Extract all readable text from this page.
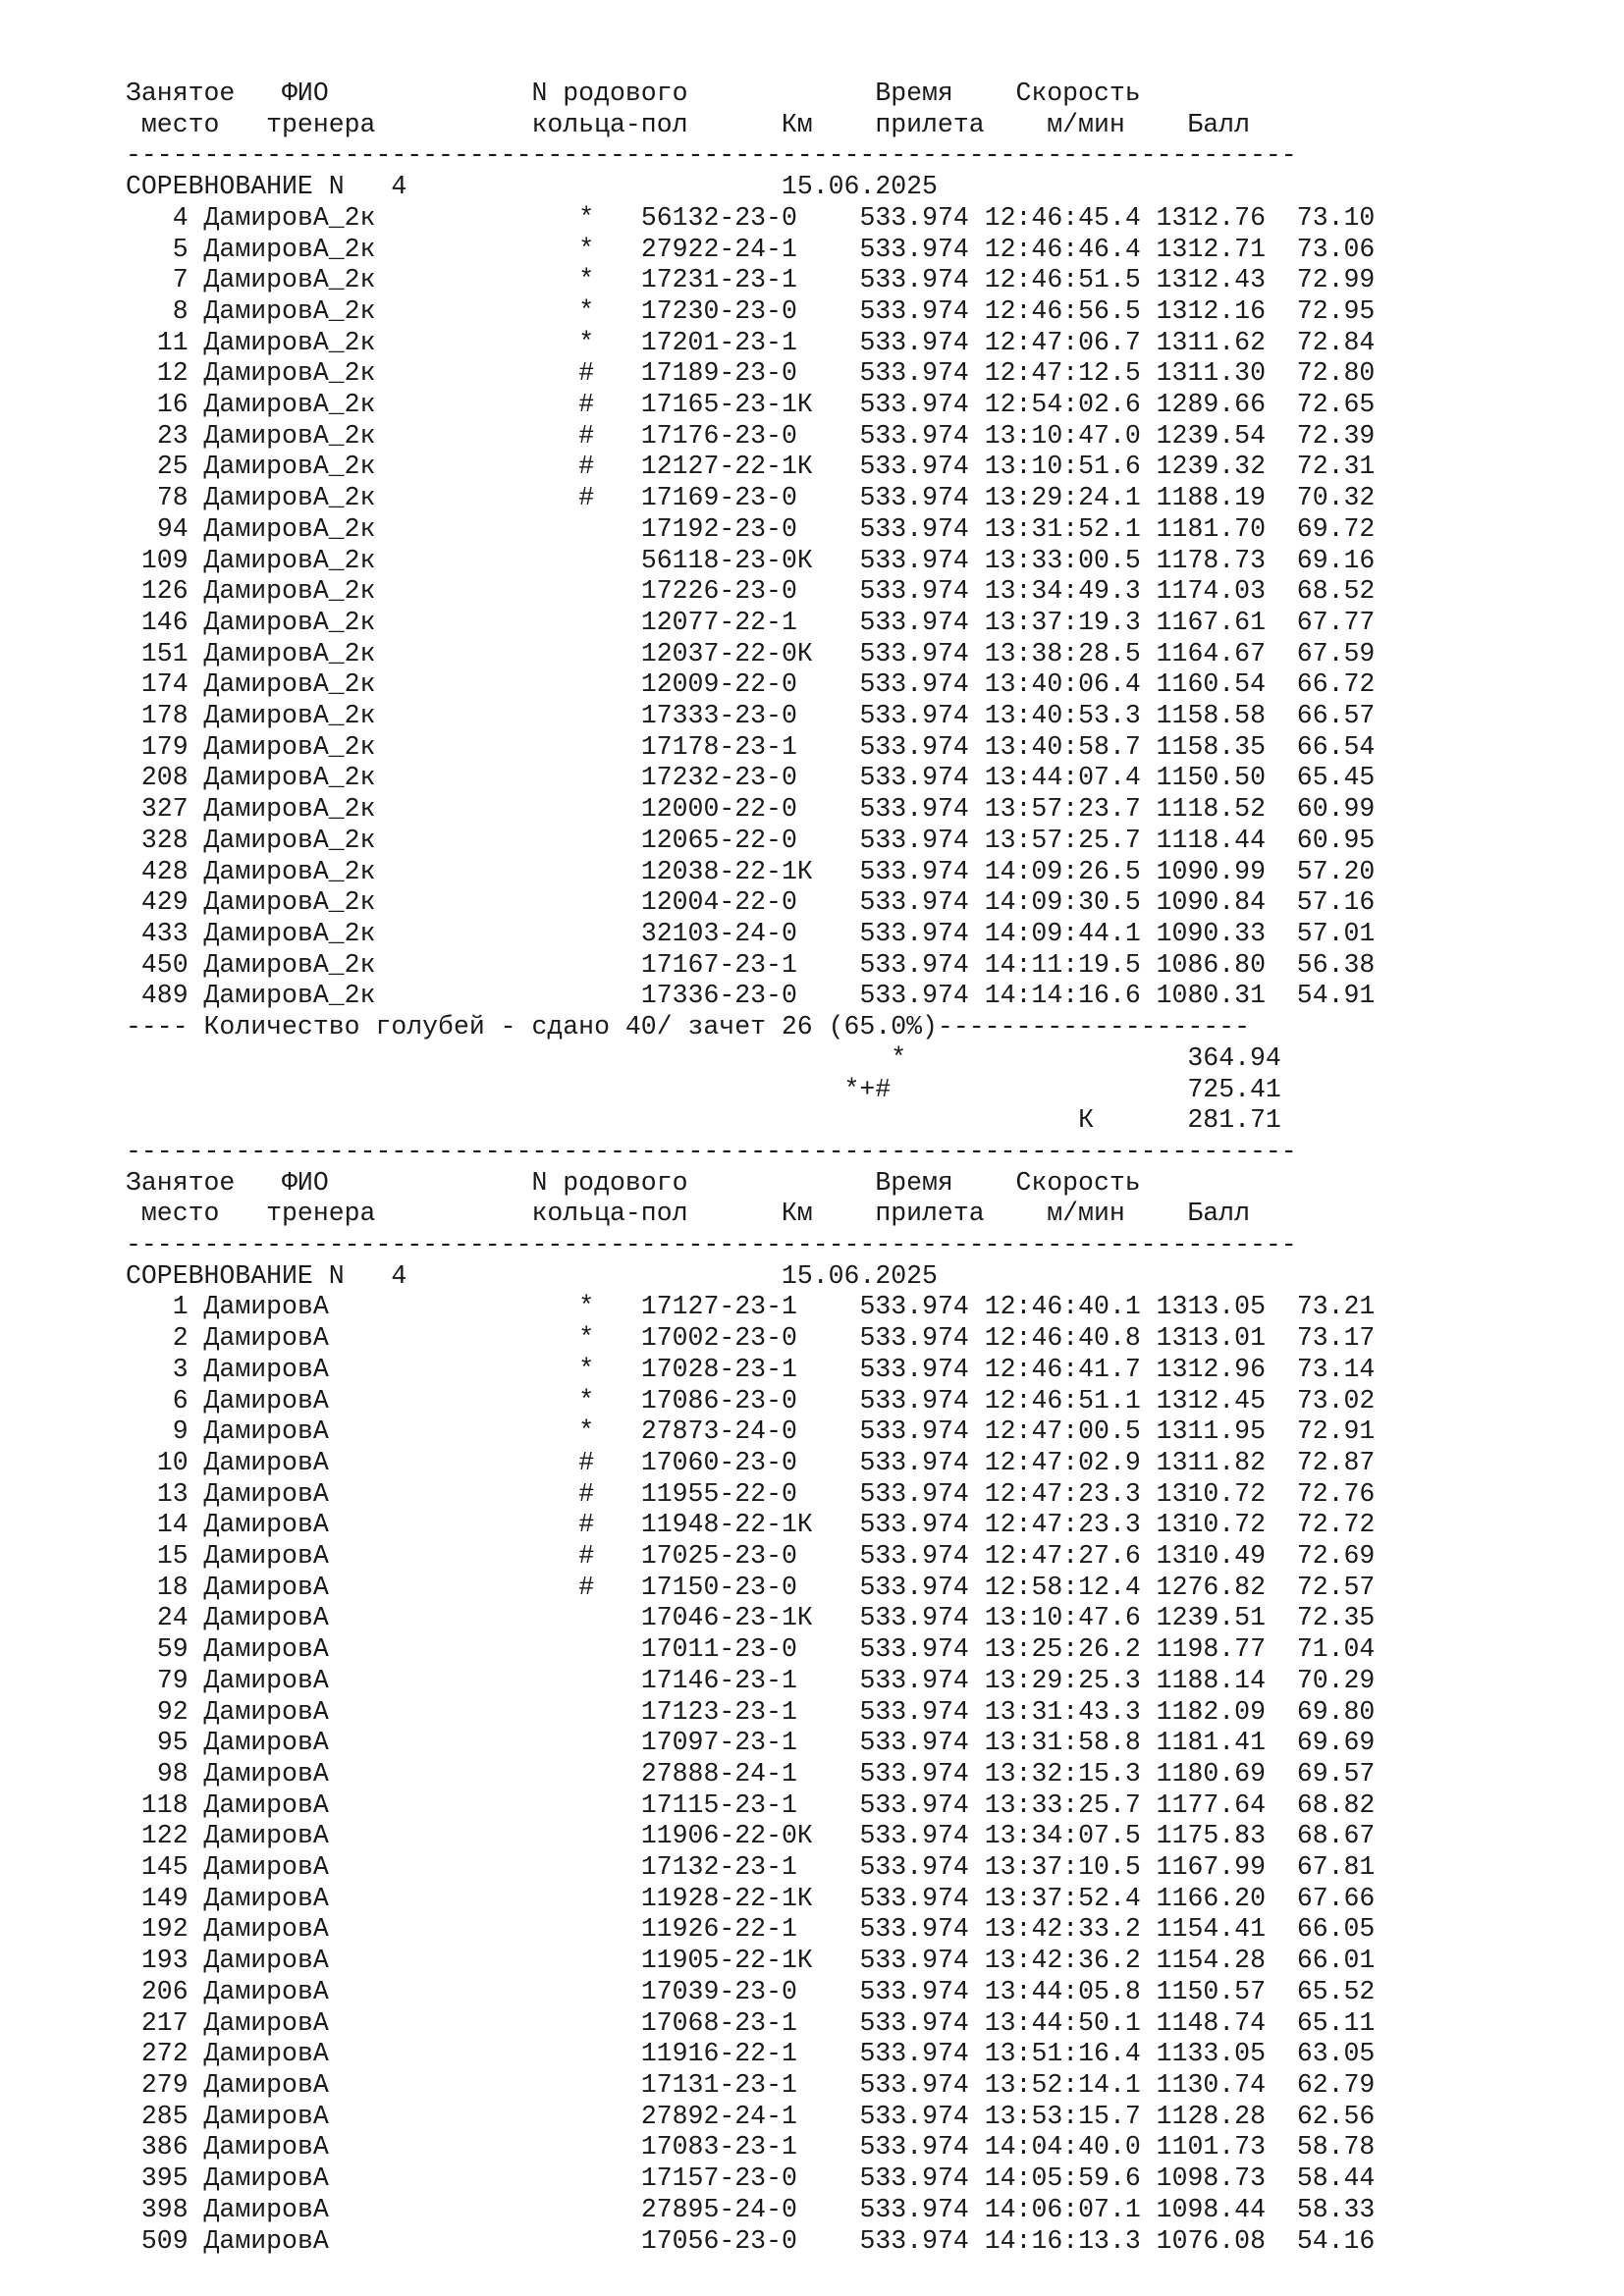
Занятое   ФИО             N родового            Время    Скорость
место   тренера          кольца-пол      Км    прилета    м/мин    Балл
---------------------------------------------------------------------------
СОРЕВНОВАНИЕ N   4	15.06.2025
4 ДамировА_2к	* 56132-23-0 533.974 12:46:45.4 1312.76 73.10
5 ДамировА_2к	* 27922-24-1 533.974 12:46:46.4 1312.71 73.06
7 ДамировА_2к	* 17231-23-1 533.974 12:46:51.5 1312.43 72.99
8 ДамировА_2к	* 17230-23-0 533.974 12:46:56.5 1312.16 72.95
11 ДамировА_2к	* 17201-23-1 533.974 12:47:06.7 1311.62 72.84
12 ДамировА_2к	# 17189-23-0 533.974 12:47:12.5 1311.30 72.80
16 ДамировА_2к	# 17165-23-1К 533.974 12:54:02.6 1289.66 72.65
23 ДамировА_2к	# 17176-23-0 533.974 13:10:47.0 1239.54 72.39
25 ДамировА_2к	# 12127-22-1К 533.974 13:10:51.6 1239.32 72.31
78 ДамировА_2к	# 17169-23-0 533.974 13:29:24.1 1188.19 70.32
94 ДамировА_2к	17192-23-0 533.974 13:31:52.1 1181.70 69.72
109 ДамировА_2к	56118-23-0К 533.974 13:33:00.5 1178.73 69.16
126 ДамировА_2к	17226-23-0 533.974 13:34:49.3 1174.03 68.52
146 ДамировА_2к	12077-22-1 533.974 13:37:19.3 1167.61 67.77
151 ДамировА_2к	12037-22-0К 533.974 13:38:28.5 1164.67 67.59
174 ДамировА_2к	12009-22-0 533.974 13:40:06.4 1160.54 66.72
178 ДамировА_2к	17333-23-0 533.974 13:40:53.3 1158.58 66.57
179 ДамировА_2к	17178-23-1 533.974 13:40:58.7 1158.35 66.54
208 ДамировА_2к	17232-23-0 533.974 13:44:07.4 1150.50 65.45
327 ДамировА_2к	12000-22-0 533.974 13:57:23.7 1118.52 60.99
328 ДамировА_2к	12065-22-0 533.974 13:57:25.7 1118.44 60.95
428 ДамировА_2к	12038-22-1К 533.974 14:09:26.5 1090.99 57.20
429 ДамировА_2к	12004-22-0 533.974 14:09:30.5 1090.84 57.16
433 ДамировА_2к	32103-24-0 533.974 14:09:44.1 1090.33 57.01
450 ДамировА_2к	17167-23-1 533.974 14:11:19.5 1086.80 56.38
489 ДамировА_2к	17336-23-0 533.974 14:14:16.6 1080.31 54.91
---- Количество голубей - сдано 40/ зачет 26 (65.0%)--------------------
*	364.94
*+#	725.41
К	281.71
---------------------------------------------------------------------------
Занятое   ФИО             N родового            Время    Скорость
место   тренера          кольца-пол      Км    прилета    м/мин    Балл
---------------------------------------------------------------------------
СОРЕВНОВАНИЕ N   4	15.06.2025
1 ДамировА	* 17127-23-1 533.974 12:46:40.1 1313.05 73.21
2 ДамировА	* 17002-23-0 533.974 12:46:40.8 1313.01 73.17
3 ДамировА	* 17028-23-1 533.974 12:46:41.7 1312.96 73.14
6 ДамировА	* 17086-23-0 533.974 12:46:51.1 1312.45 73.02
9 ДамировА	* 27873-24-0 533.974 12:47:00.5 1311.95 72.91
10 ДамировА	# 17060-23-0 533.974 12:47:02.9 1311.82 72.87
13 ДамировА	# 11955-22-0 533.974 12:47:23.3 1310.72 72.76
14 ДамировА	# 11948-22-1К 533.974 12:47:23.3 1310.72 72.72
15 ДамировА	# 17025-23-0 533.974 12:47:27.6 1310.49 72.69
18 ДамировА	# 17150-23-0 533.974 12:58:12.4 1276.82 72.57
24 ДамировА	17046-23-1К 533.974 13:10:47.6 1239.51 72.35
59 ДамировА	17011-23-0 533.974 13:25:26.2 1198.77 71.04
79 ДамировА	17146-23-1 533.974 13:29:25.3 1188.14 70.29
92 ДамировА	17123-23-1 533.974 13:31:43.3 1182.09 69.80
95 ДамировА	17097-23-1 533.974 13:31:58.8 1181.41 69.69
98 ДамировА	27888-24-1 533.974 13:32:15.3 1180.69 69.57
118 ДамировА	17115-23-1 533.974 13:33:25.7 1177.64 68.82
122 ДамировА	11906-22-0К 533.974 13:34:07.5 1175.83 68.67
145 ДамировА	17132-23-1 533.974 13:37:10.5 1167.99 67.81
149 ДамировА	11928-22-1К 533.974 13:37:52.4 1166.20 67.66
192 ДамировА	11926-22-1 533.974 13:42:33.2 1154.41 66.05
193 ДамировА	11905-22-1К 533.974 13:42:36.2 1154.28 66.01
206 ДамировА	17039-23-0 533.974 13:44:05.8 1150.57 65.52
217 ДамировА	17068-23-1 533.974 13:44:50.1 1148.74 65.11
272 ДамировА	11916-22-1 533.974 13:51:16.4 1133.05 63.05
279 ДамировА	17131-23-1 533.974 13:52:14.1 1130.74 62.79
285 ДамировА	27892-24-1 533.974 13:53:15.7 1128.28 62.56
386 ДамировА	17083-23-1 533.974 14:04:40.0 1101.73 58.78
395 ДамировА	17157-23-0 533.974 14:05:59.6 1098.73 58.44
398 ДамировА	27895-24-0 533.974 14:06:07.1 1098.44 58.33
509 ДамировА	17056-23-0 533.974 14:16:13.3 1076.08 54.16
